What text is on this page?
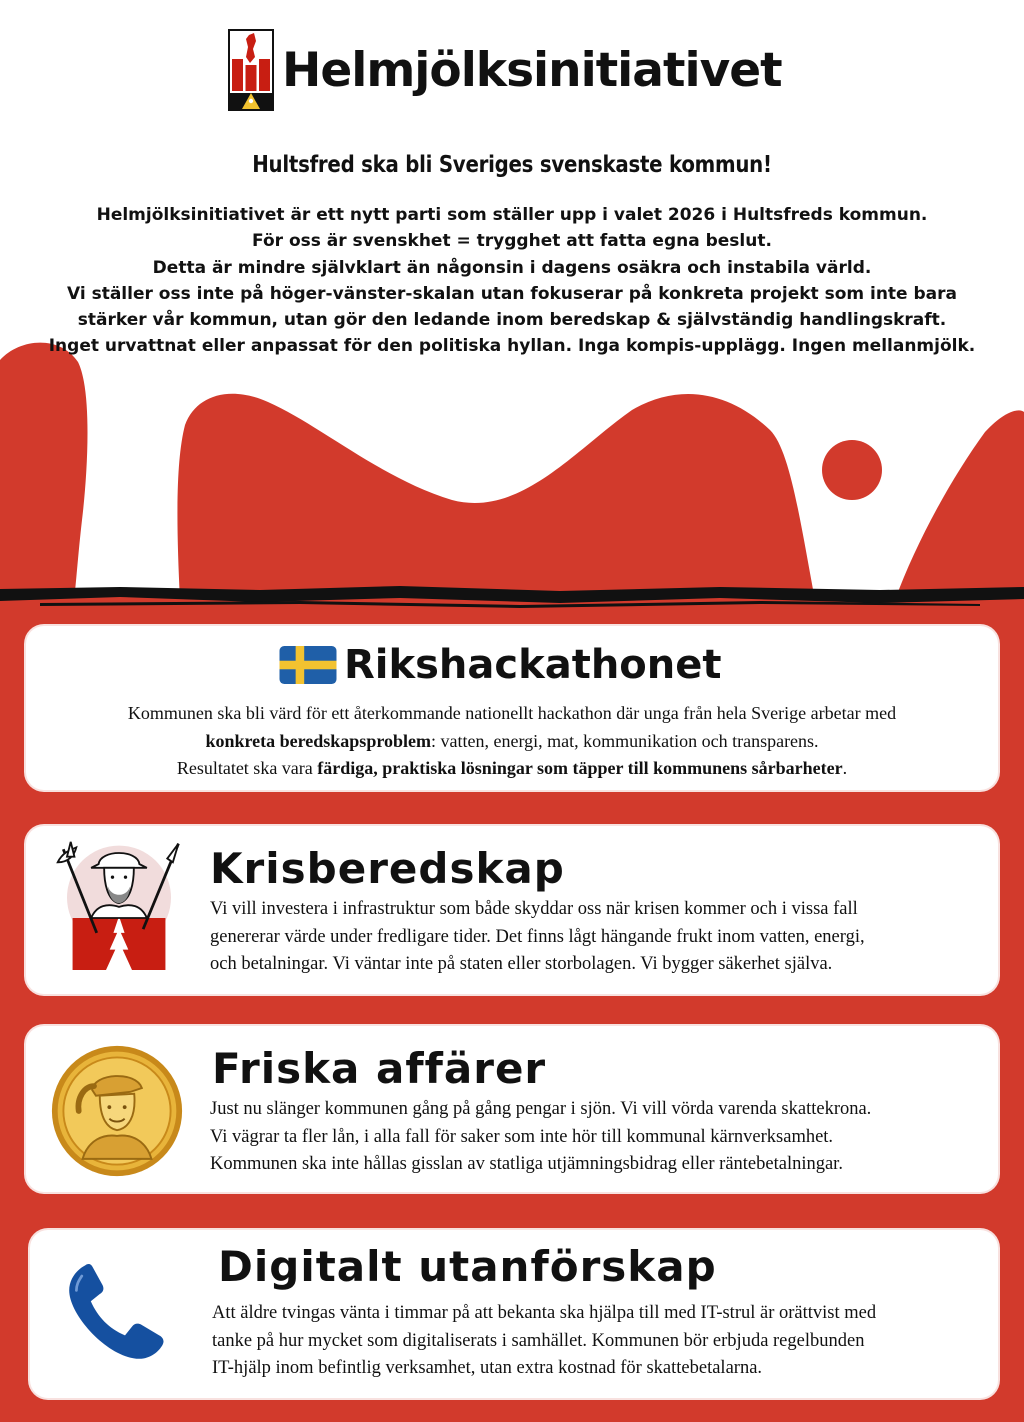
Helmjölksinitiativet
Hultsfred ska bli Sveriges svenskaste kommun!
Helmjölksinitiativet är ett nytt parti som ställer upp i valet 2026 i Hultsfreds kommun.
För oss är svenskhet = trygghet att fatta egna beslut.
Detta är mindre självklart än någonsin i dagens osäkra och instabila värld.
Vi ställer oss inte på höger-vänster-skalan utan fokuserar på konkreta projekt som inte bara
stärker vår kommun, utan gör den ledande inom beredskap & självständig handlingskraft.
Inget urvattnat eller anpassat för den politiska hyllan. Inga kompis-upplägg. Ingen mellanmjölk.
Rikshackathonet
Kommunen ska bli värd för ett återkommande nationellt hackathon där unga från hela Sverige arbetar med
konkreta beredskapsproblem: vatten, energi, mat, kommunikation och transparens.
Resultatet ska vara färdiga, praktiska lösningar som täpper till kommunens sårbarheter.
Krisberedskap
Vi vill investera i infrastruktur som både skyddar oss när krisen kommer och i vissa fall
genererar värde under fredligare tider. Det finns lågt hängande frukt inom vatten, energi,
och betalningar. Vi väntar inte på staten eller storbolagen. Vi bygger säkerhet själva.
Friska affärer
Just nu slänger kommunen gång på gång pengar i sjön. Vi vill vörda varenda skattekrona.
Vi vägrar ta fler lån, i alla fall för saker som inte hör till kommunal kärnverksamhet.
Kommunen ska inte hållas gisslan av statliga utjämningsbidrag eller räntebetalningar.
Digitalt utanförskap
Att äldre tvingas vänta i timmar på att bekanta ska hjälpa till med IT-strul är orättvist med
tanke på hur mycket som digitaliserats i samhället. Kommunen bör erbjuda regelbunden
IT-hjälp inom befintlig verksamhet, utan extra kostnad för skattebetalarna.
